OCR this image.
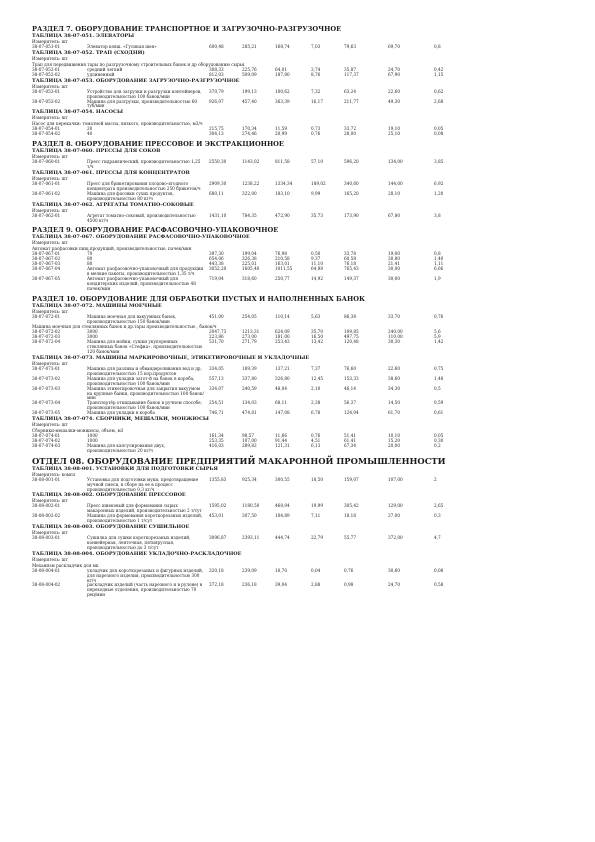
РАЗДЕЛ 7. ОБОРУДОВАНИЕ ТРАНСПОРТНОЕ И ЗАГРУЗОЧНО-РАЗГРУЗОЧНОЕ
ТАБЛИЦА 38-07-051. ЭЛЕВАТОРЫ
Измеритель: шт
38-07-051-01	Элеватор ковш. «Гусиная шея»	600,48	285,21	168,74	7,03	79,63	69,70	0,8
ТАБЛИЦА 38-07-052. ТРАП (СХОДНИ)
Измеритель: шт
Трап для передвижения тары по разгрузочному строительных банок и др оборудованию сырья
38-07-052-01	средний легкий	308,33	225,76	64,01	3,74	35,87	24,70	0,42
38-07-052-02	удлиненный	812,03	509,09	187,80	8,76	117,37	67,90	1,15
ТАБЛИЦА 38-07-053. ОБОРУДОВАНИЕ ЗАГРУЗОЧНО-РАЗГРУЗОЧНОЕ
Измеритель: шт
38-07-053-01	Устройство для загрузки и разгрузки контейнеров, производительностью 100 банок/мин
370,79	199,13	100,62	7,32	63,24	22,60	0,62
38-07-053-02	Машина для разгрузки, производительностью 60 туб/мин
926,07	457,40	363,39	16,17	211,77	49,30	2,68
ТАБЛИЦА 38-07-054. НАСОСЫ
Измеритель: шт
Насос для перекачки: томатной массы, вязкого, производительностью, м3/ч
38-07-054-01	20	215,75	170,34	11,59	0,73	33,72	19,10	0,05
38-07-054-02	40	304,13	274,46	20,99	0,76	28,00	25,10	0,08
РАЗДЕЛ 8. ОБОРУДОВАНИЕ ПРЕССОВОЕ И ЭКСТРАКЦИОННОЕ
ТАБЛИЦА 38-07-060. ПРЕССЫ ДЛЯ СОКОВ
Измеритель: шт
38-07-060-01	Пресс гидравлический, производительностью 1,25 т/ч
2550,30	1143,02	811,58	57,10	596,20	134,00	3,85
ТАБЛИЦА 38-07-061. ПРЕССЫ ДЛЯ КОНЦЕНТРАТОВ
Измеритель: шт
38-07-061-01	Пресс для брикетирования плодово-ягодного концентрата производительностью 250 брикетов/ч
2909,30	1238,22	1334,34	189,02	340,60	144,00	6,92
38-07-061-02	Машина для фасовки сухих продуктов, производительностью 80 кг/ч
680,11	322,00	183,10	9,99	165,20	28,10	1,20
ТАБЛИЦА 38-07-062. АГРЕГАТЫ ТОМАТНО-СОКОВЫЕ
Измеритель: шт
38-07-062-01	Агрегат томатно-соковый, производительностью 4500 кг/ч
1431,10	784,35	472,90	35,73	173,90	67,80	3,8
РАЗДЕЛ 9. ОБОРУДОВАНИЕ РАСФАСОВОЧНО-УПАКОВОЧНОЕ
ТАБЛИЦА 38-07-067. ОБОРУДОВАНИЕ РАСФАСОВОЧНО-УПАКОВОЧНОЕ
Измеритель: шт
Автомат расфасовки пищ.продукций, производительностью, пачек/мин
38-07-067-01	70	397,30	199,04	76,98	0,50	33,78	19,00	0,8
38-07-067-02	80	654,06	326,38	210,58	9,37	60,58	30,80	1,40
38-07-067-03	80	443,38	225,01	163,01	11,10	76,18	21,41	1,11
38-07-067-04	Автомат расфасовочно-упаковочный для продукции в мелкие пакеты, производительностью 1,35 т/ч
3052,20	1605,40	1011,55	64,98	765,43	30,00	6,66
38-07-067-05	Автомат расфасовочно-упаковочный для кондитерских изделий, производительностью 48 пачек/мин
719,04	318,60	250,77	14,92	149,37	30,00	1,9
РАЗДЕЛ 10. ОБОРУДОВАНИЕ ДЛЯ ОБРАБОТКИ ПУСТЫХ И НАПОЛНЕННЫХ БАНОК
ТАБЛИЦА 38-07-072. МАШИНЫ МОЕЧНЫЕ
Измеритель: шт
38-07-072-01	Машина моечная для вакуумных банок, производительностью 150 банок/мин
451,00	254,05	110,14	5,63	86,38	33,70	0,76
Машина моечная для стеклянных банок и др.тары производительностью , банок/ч
38-07-072-02	3000	2047,73	1213,31	624,09	35,70	109,85	240,00	5,6
38-07-072-03	3000	223,86	273,00	181,00	16,50	497,75	110,00	5,9
38-07-072-04	Машина для мойки, сушки укупоренных стеклянных банок «Стефиа», производительностью 120 банок/мин
531,70	271,79	253,43	13,42	120,48	30,30	1,42
ТАБЛИЦА 38-07-073. МАШИНЫ МАРКИРОВОЧНЫЕ, ЭТИКЕТИРОВОЧНЫЕ И УКЛАДОЧНЫЕ
Измеритель: шт
38-07-073-01	Машина для разлива и обвандероливания вод и др, производительностью 15 кор.продуктов
334,05	189,39	137,21	7,37	76,60	22,60	0,75
38-07-073-02	Машина для укладки загот-й на банок в короба, производительностью 100 банок/мин
557,13	337,80	326,80	12,45	153,33	38,60	1,48
38-07-073-03	Машина этикетировочная для закрытия вакуумом на крупные банки, производительностью 100 банок/мин
334,07	240,59	48,04	2,10	46,14	34,30	0,5
38-07-073-04	Транспортёр откидывание банок в ручном способе, производительностью 100 банок/мин
254,51	134,03	68,11	2,38	56,37	14,50	0,59
38-07-073-05	Машина для укладки в короба	746,71	474,81	147,08	6,78	124,04	61,70	0,61
ТАБЛИЦА 38-07-074. СБОРНИКИ, МЕШАЛКИ, МОНЖЮСЫ
Измеритель: шт
Сборники-мешалки-монжюсы, объем, м3
38-07-074-01	1000	161,34	98,57	11,66	0,76	51,41	10,10	0,05
38-07-074-02	1000	253,35	107,00	91,44	4,51	61,41	15,20	0,30
38-07-074-03	Машина для капсулирования двух, производительностью 20 кг/ч
416,03	289,82	121,31	6,13	67,34	20,00	0,2
ОТДЕЛ 08. ОБОРУДОВАНИЕ ПРЕДПРИЯТИЙ МАКАРОННОЙ ПРОМЫШЛЕННОСТИ
ТАБЛИЦА 38-08-001. УСТАНОВКИ ДЛЯ ПОДГОТОВКИ СЫРЬЯ
Измеритель: компл
38-08-001-01	Установка для подготовки муки, предотвращение мучной смеси, в сборе на ее в процесс производительностью 0,3 кг/ч
1355,83	925,34	300,55	18,50	159,07	107,00	2
ТАБЛИЦА 38-08-002. ОБОРУДОВАНИЕ ПРЕССОВОЕ
Измеритель: шт
38-08-002-01	Пресс шнековый для формования сырых макаронных изделий, производительностью 2 т/сут
1595,02	1180,50	468,04	19,99	305,42	129,00	2,65
38-08-002-02	Машина для формования короткорезаных изделий, производительностью 1 т/сут
453,01	307,50	104,89	7,11	18,18	27,00	0,3
ТАБЛИЦА 38-08-003. ОБОРУДОВАНИЕ СУШИЛЬНОЕ
Измеритель: шт
38-08-003-01	Сушилка для сушки короткорезаных изделий, конвейерная, ленточная, пятиярусная, производительностью до 3 т/сут
3096,87	2393,11	444,74	22,79	55,77	372,00	4,7
ТАБЛИЦА 38-08-004. ОБОРУДОВАНИЕ УКЛАДОЧНО-РАСКЛАДОЧНОЕ
Измеритель: шт
Механизм раскладчик для мк
38-08-004-01	укладчик для короткорезаных и фигурных изделий, для нарезного изделия, производительностью 300 кг/ч
320,18	239,09	10,70	0,04	0,76	30,60	0,08
38-08-004-02	раскладчик изделий (часть нарезного и в рулоне) в переходные отделения, производительностью 70 рец/мин
372,18	236,18	39,04	2,88	0,98	24,70	0,58
